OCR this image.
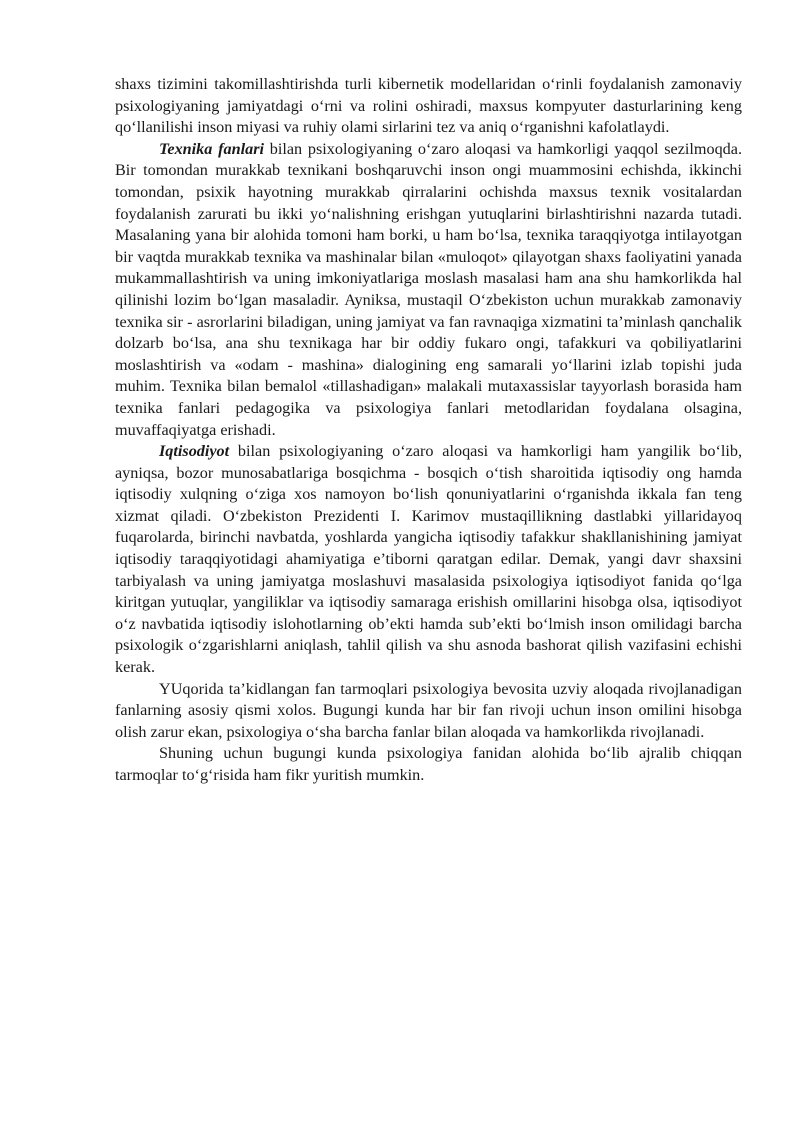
shaxs tizimini takomillashtirishda turli kibernetik modellaridan o‘rinli foydalanish zamonaviy psixologiyaning jamiyatdagi o‘rni va rolini oshiradi, maxsus kompyuter dasturlarining keng qo‘llanilishi inson miyasi va ruhiy olami sirlarini tez va aniq o‘rganishni kafolatlaydi.

Texnika fanlari bilan psixologiyaning o‘zaro aloqasi va hamkorligi yaqqol sezilmoqda. Bir tomondan murakkab texnikani boshqaruvchi inson ongi muammosini echishda, ikkinchi tomondan, psixik hayotning murakkab qirralarini ochishda maxsus texnik vositalardan foydalanish zarurati bu ikki yo‘nalishning erishgan yutuqlarini birlashtirishni nazarda tutadi. Masalaning yana bir alohida tomoni ham borki, u ham bo‘lsa, texnika taraqqiyotga intilayotgan bir vaqtda murakkab texnika va mashinalar bilan «muloqot» qilayotgan shaxs faoliyatini yanada mukammallashtirish va uning imkoniyatlariga moslash masalasi ham ana shu hamkorlikda hal qilinishi lozim bo‘lgan masaladir. Ayniksa, mustaqil O‘zbekiston uchun murakkab zamonaviy texnika sir - asrorlarini biladigan, uning jamiyat va fan ravnaqiga xizmatini ta’minlash qanchalik dolzarb bo‘lsa, ana shu texnikaga har bir oddiy fukaro ongi, tafakkuri va qobiliyatlarini moslashtirish va «odam - mashina» dialogining eng samarali yo‘llarini izlab topishi juda muhim. Texnika bilan bemalol «tillashadigan» malakali mutaxassislar tayyorlash borasida ham texnika fanlari pedagogika va psixologiya fanlari metodlaridan foydalana olsagina, muvaffaqiyatga erishadi.

Iqtisodiyot bilan psixologiyaning o‘zaro aloqasi va hamkorligi ham yangilik bo‘lib, ayniqsa, bozor munosabatlariga bosqichma - bosqich o‘tish sharoitida iqtisodiy ong hamda iqtisodiy xulqning o‘ziga xos namoyon bo‘lish qonuniyatlarini o‘rganishda ikkala fan teng xizmat qiladi. O‘zbekiston Prezidenti I. Karimov mustaqillikning dastlabki yillaridayoq fuqarolarda, birinchi navbatda, yoshlarda yangicha iqtisodiy tafakkur shakllanishining jamiyat iqtisodiy taraqqiyotidagi ahamiyatiga e’tiborni qaratgan edilar. Demak, yangi davr shaxsini tarbiyalash va uning jamiyatga moslashuvi masalasida psixologiya iqtisodiyot fanida qo‘lga kiritgan yutuqlar, yangiliklar va iqtisodiy samaraga erishish omillarini hisobga olsa, iqtisodiyot o‘z navbatida iqtisodiy islohotlarning ob’ekti hamda sub’ekti bo‘lmish inson omilidagi barcha psixologik o‘zgarishlarni aniqlash, tahlil qilish va shu asnoda bashorat qilish vazifasini echishi kerak.

YUqorida ta’kidlangan fan tarmoqlari psixologiya bevosita uzviy aloqada rivojlanadigan fanlarning asosiy qismi xolos. Bugungi kunda har bir fan rivoji uchun inson omilini hisobga olish zarur ekan, psixologiya o‘sha barcha fanlar bilan aloqada va hamkorlikda rivojlanadi.

Shuning uchun bugungi kunda psixologiya fanidan alohida bo‘lib ajralib chiqqan tarmoqlar to‘g‘risida ham fikr yuritish mumkin.
